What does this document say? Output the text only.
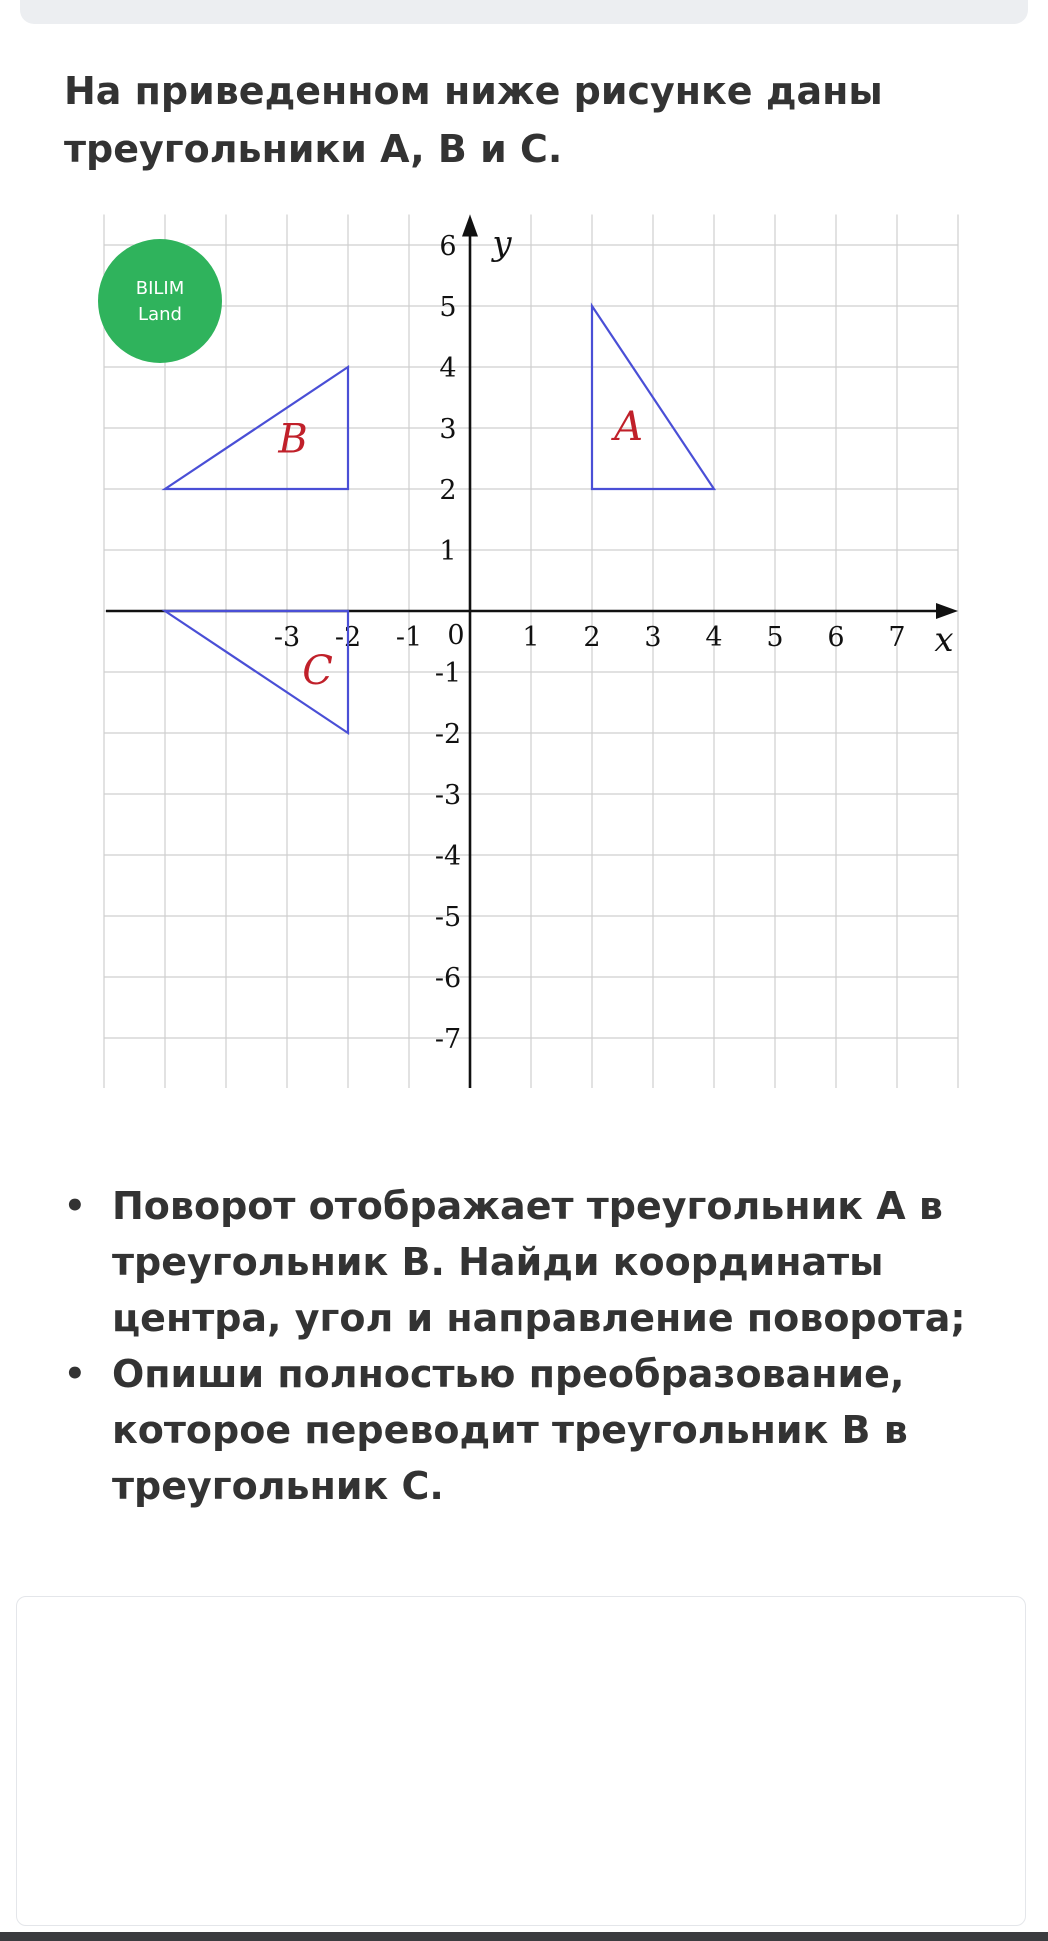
На приведенном ниже рисунке даны треугольники A, B и C.

-3 -2 -1	1 2 3 4 5 6 7
6
5
4
3
2
1
-1
-2
-3
-4
-5
-6
-7
0	x
y
A
B
C
BILIM
Land
• Поворот отображает треугольник A в треугольник B. Найди координаты центра, угол и направление поворота;
• Опиши полностью преобразование, которое переводит треугольник B в треугольник C.
